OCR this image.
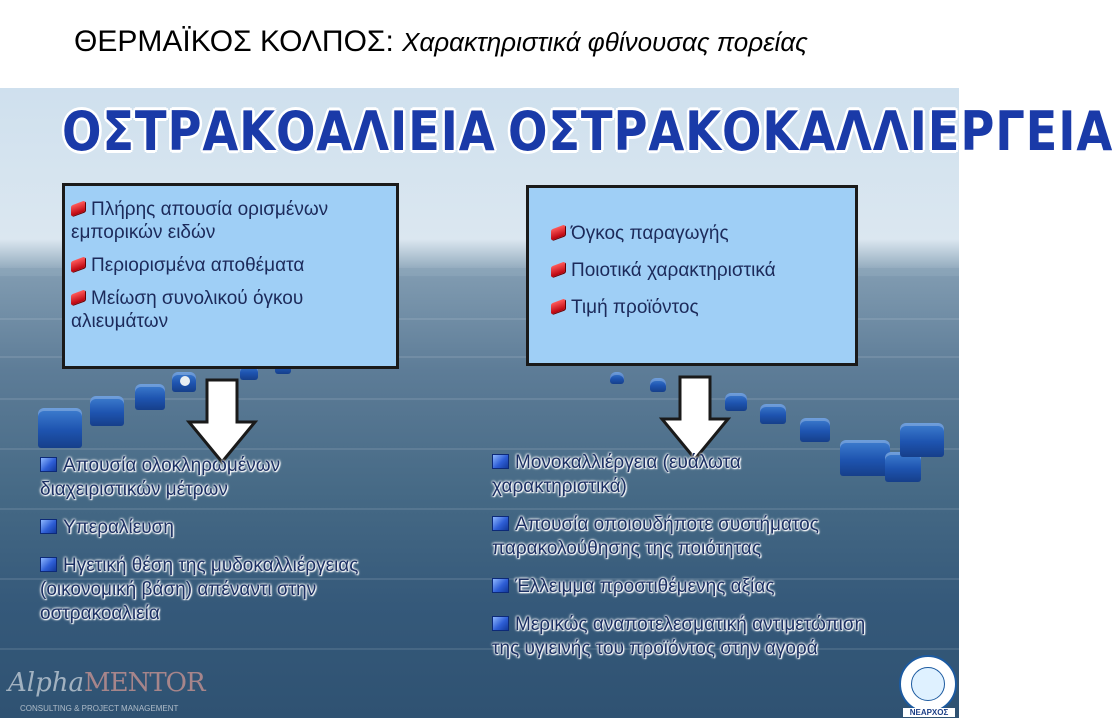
ΘΕΡΜΑΪΚΟΣ ΚΟΛΠΟΣ: Χαρακτηριστικά φθίνουσας πορείας
ΟΣΤΡΑΚΟΑΛΙΕΙΑ ΟΣΤΡΑΚΟΚΑΛΛΙΕΡΓΕΙΑ
Πλήρης απουσία ορισμένων
εμπορικών ειδών
Περιορισμένα αποθέματα
Μείωση συνολικού όγκου
αλιευμάτων
Όγκος παραγωγής
Ποιοτικά χαρακτηριστικά
Τιμή προϊόντος
Απουσία ολοκληρωμένων
διαχειριστικών μέτρων
Υπεραλίευση
Ηγετική θέση της μυδοκαλλιέργειας
(οικονομική βάση) απέναντι στην
οστρακοαλιεία
Μονοκαλλιέργεια (ευάλωτα
χαρακτηριστικά)
Απουσία οποιουδήποτε συστήματος
παρακολούθησης της ποιότητας
Έλλειμμα προστιθέμενης αξίας
Μερικώς αναποτελεσματική αντιμετώπιση
της υγιεινής του προϊόντος στην αγορά
AlphaMENTOR
CONSULTING & PROJECT MANAGEMENT	ΝΕΑΡΧΟΣ
